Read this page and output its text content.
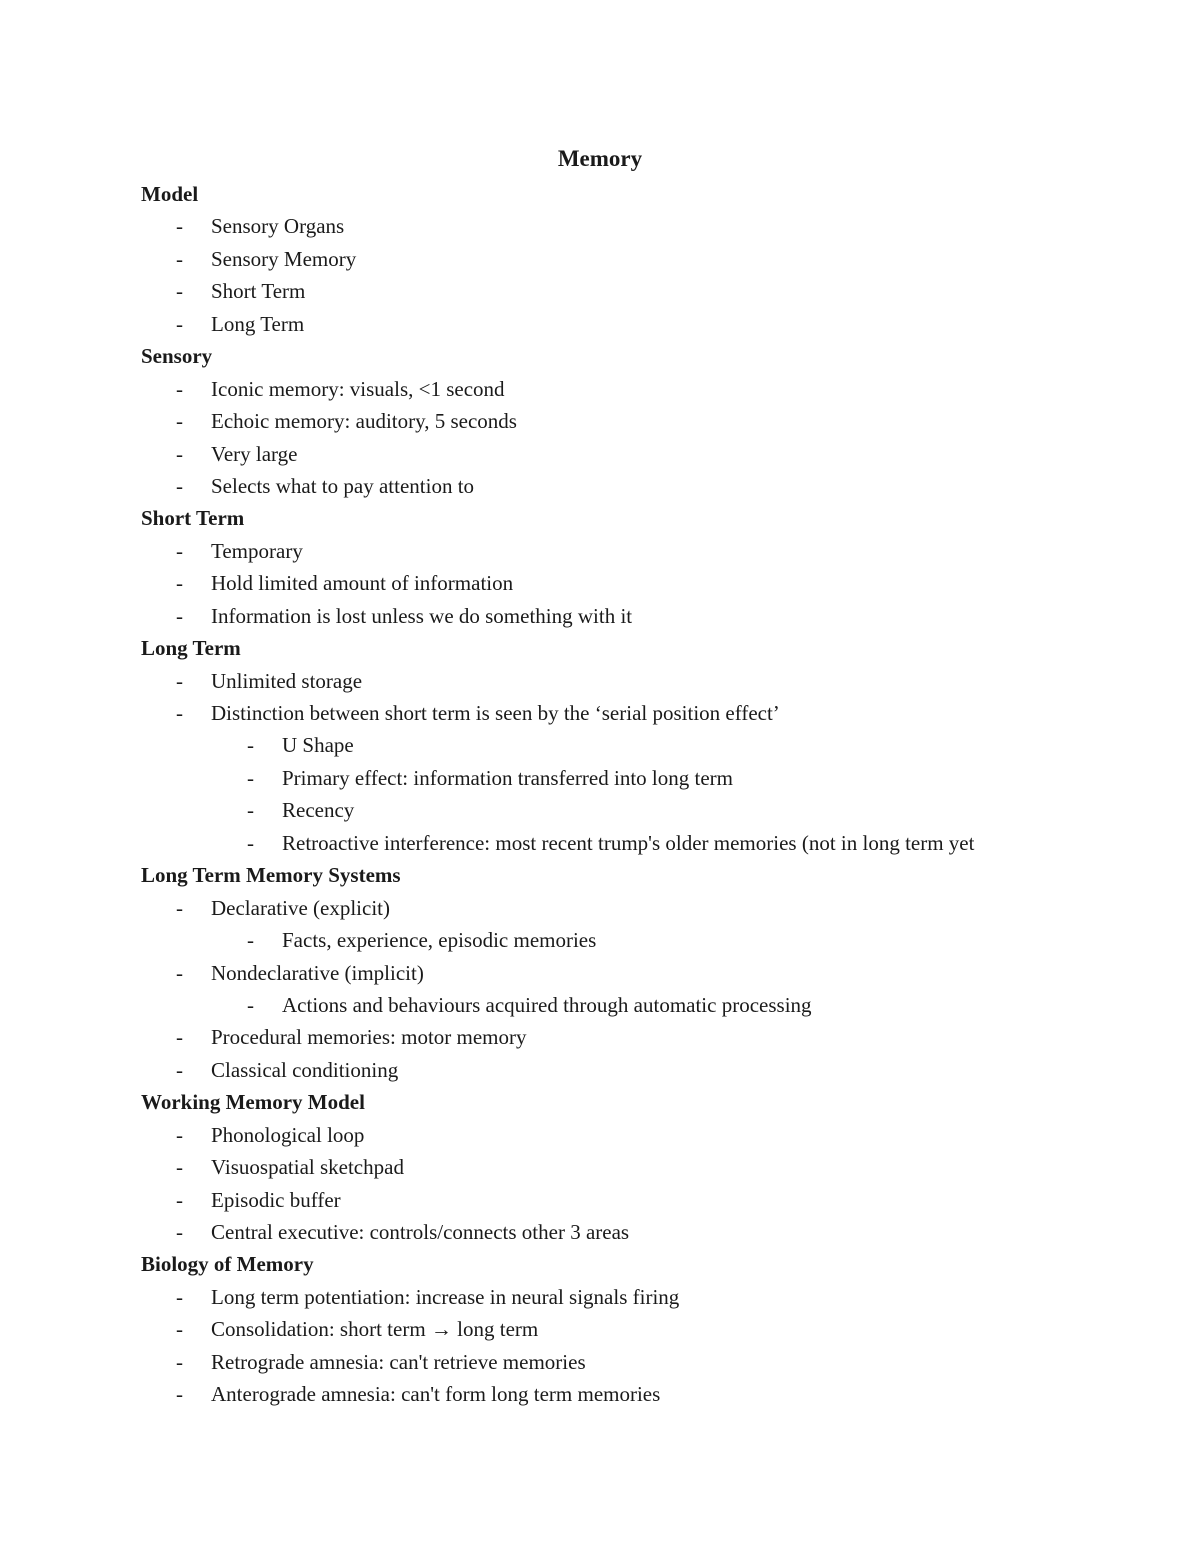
Memory
Model
-	Sensory Organs
-	Sensory Memory
-	Short Term
-	Long Term
Sensory
-	Iconic memory: visuals, <1 second
-	Echoic memory: auditory, 5 seconds
-	Very large
-	Selects what to pay attention to
Short Term
-	Temporary
-	Hold limited amount of information
-	Information is lost unless we do something with it
Long Term
-	Unlimited storage
-	Distinction between short term is seen by the ‘serial position effect’
-	U Shape
-	Primary effect: information transferred into long term
-	Recency
-	Retroactive interference: most recent trump's older memories (not in long term yet
Long Term Memory Systems
-	Declarative (explicit)
-	Facts, experience, episodic memories
-	Nondeclarative (implicit)
-	Actions and behaviours acquired through automatic processing
-	Procedural memories: motor memory
-	Classical conditioning
Working Memory Model
-	Phonological loop
-	Visuospatial sketchpad
-	Episodic buffer
-	Central executive: controls/connects other 3 areas
Biology of Memory
-	Long term potentiation: increase in neural signals firing
-	Consolidation: short term → long term
-	Retrograde amnesia: can't retrieve memories
-	Anterograde amnesia: can't form long term memories
